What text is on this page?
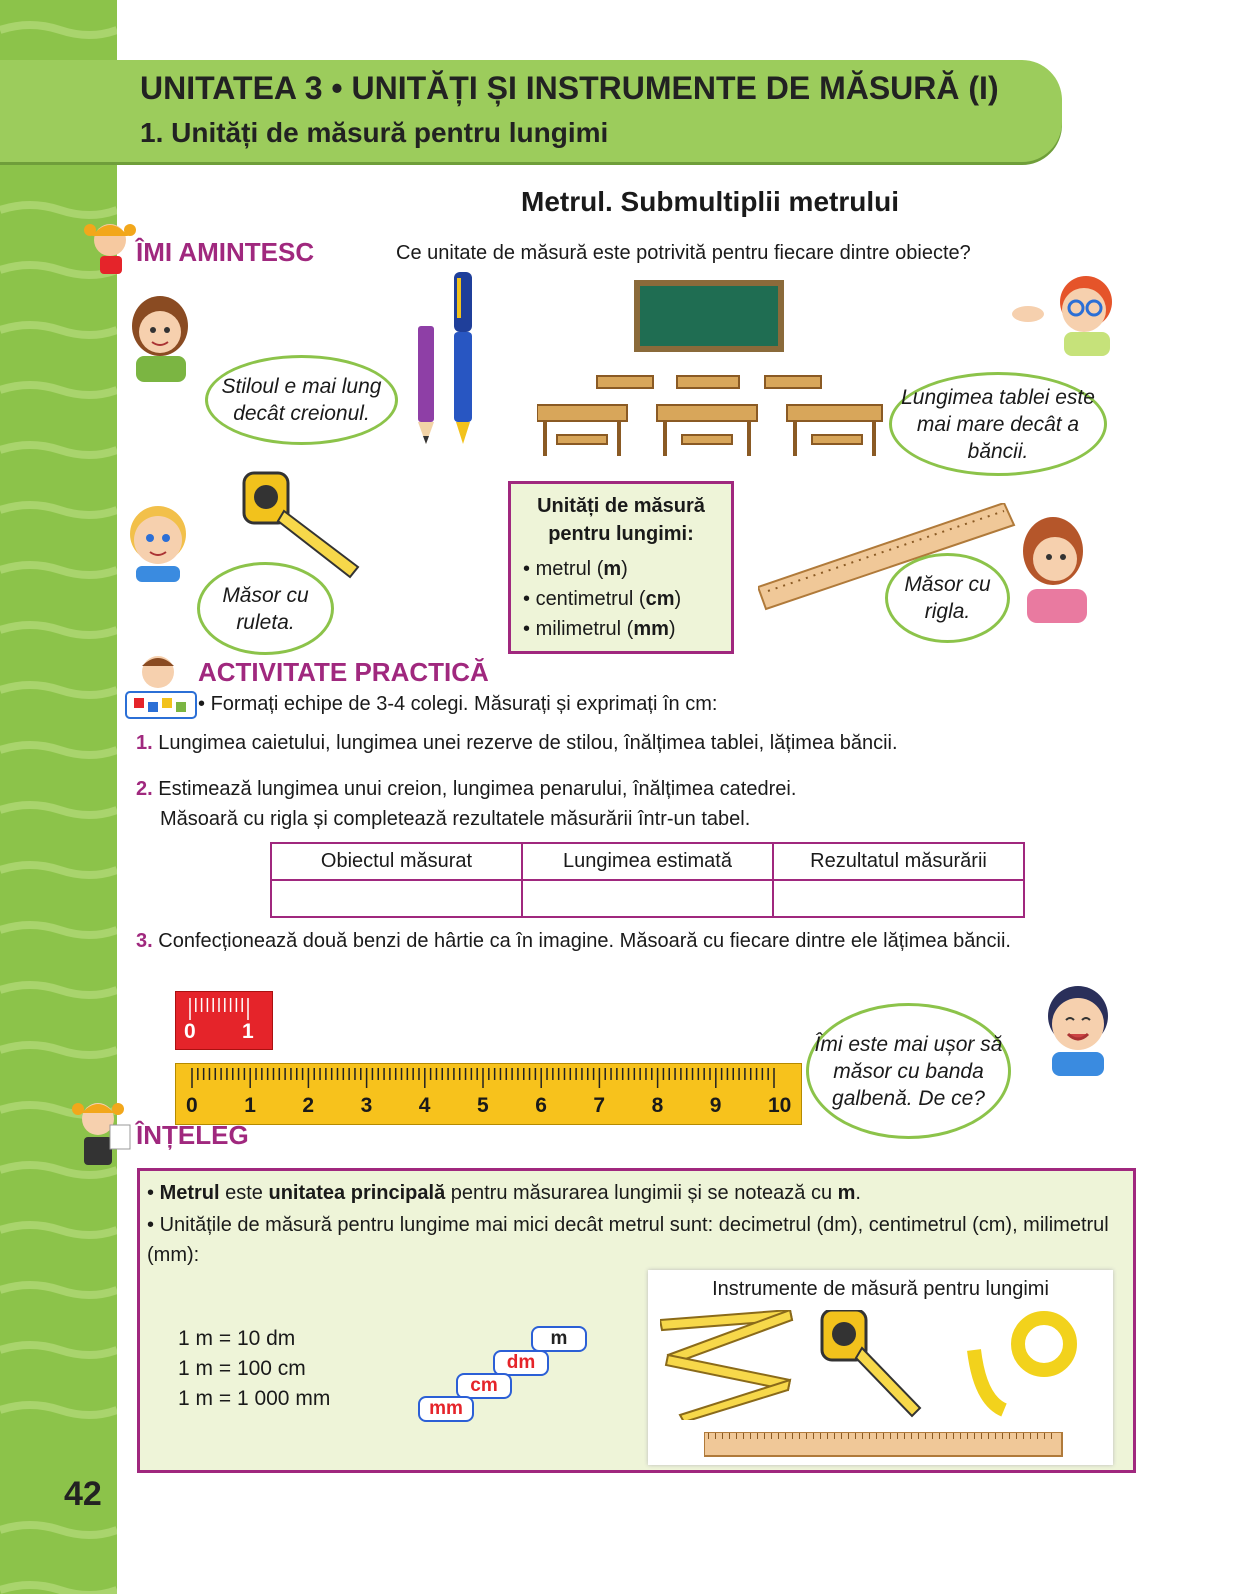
UNITATEA 3 • UNITĂȚI ȘI INSTRUMENTE DE MĂSURĂ (I)
1. Unități de măsură pentru lungimi
Metrul. Submultiplii metrului
ÎMI AMINTESC	Ce unitate de măsură este potrivită pentru fiecare dintre obiecte?
Stiloul e mai lung decât creionul.
Lungimea tablei este mai mare decât a băncii.
Măsor cu ruleta.
Unități de măsură pentru lungimi:
• metrul (m)
• centimetrul (cm)
• milimetrul (mm)
Măsor cu rigla.
ACTIVITATE PRACTICĂ
• Formați echipe de 3-4 colegi. Măsurați și exprimați în cm:
1. Lungimea caietului, lungimea unei rezerve de stilou, înălțimea tablei, lățimea băncii.
2. Estimează lungimea unui creion, lungimea penarului, înălțimea catedrei.
Măsoară cu rigla și completează rezultatele măsurării într-un tabel.
Obiectul măsurat	Lungimea estimată	Rezultatul măsurării

3. Confecționează două benzi de hârtie ca în imagine. Măsoară cu fiecare dintre ele lățimea băncii.
0 1
0 1 2 3 4 5 6 7 8 9 10
Îmi este mai ușor să măsor cu banda galbenă. De ce?
ÎNȚELEG
• Metrul este unitatea principală pentru măsurarea lungimii și se notează cu m.
• Unitățile de măsură pentru lungime mai mici decât metrul sunt: decimetrul (dm), centimetrul (cm), milimetrul (mm):
1 m = 10 dm
1 m = 100 cm
1 m = 1 000 mm
m
dm
cm
mm
Instrumente de măsură pentru lungimi
42
